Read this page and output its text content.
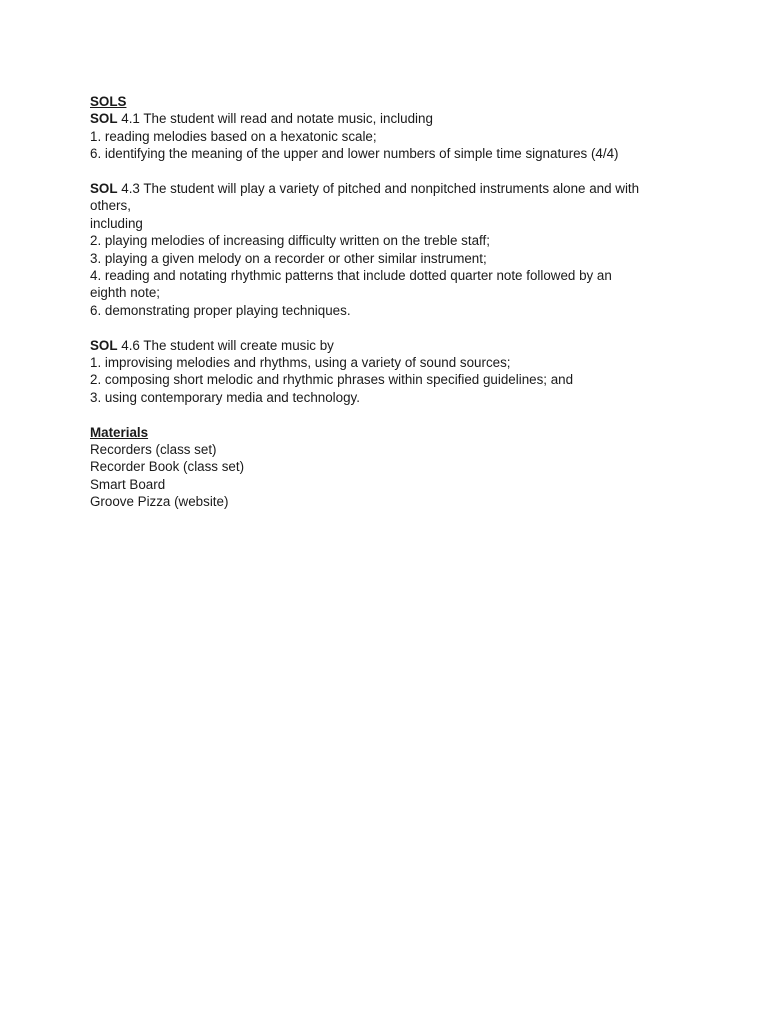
SOLS
SOL 4.1 The student will read and notate music, including
1. reading melodies based on a hexatonic scale;
6. identifying the meaning of the upper and lower numbers of simple time signatures (4/4)
SOL 4.3 The student will play a variety of pitched and nonpitched instruments alone and with
others,
including
2. playing melodies of increasing difficulty written on the treble staff;
3. playing a given melody on a recorder or other similar instrument;
4. reading and notating rhythmic patterns that include dotted quarter note followed by an
eighth note;
6. demonstrating proper playing techniques.
SOL 4.6 The student will create music by
1. improvising melodies and rhythms, using a variety of sound sources;
2. composing short melodic and rhythmic phrases within specified guidelines; and
3. using contemporary media and technology.
Materials
Recorders (class set)
Recorder Book (class set)
Smart Board
Groove Pizza (website)
